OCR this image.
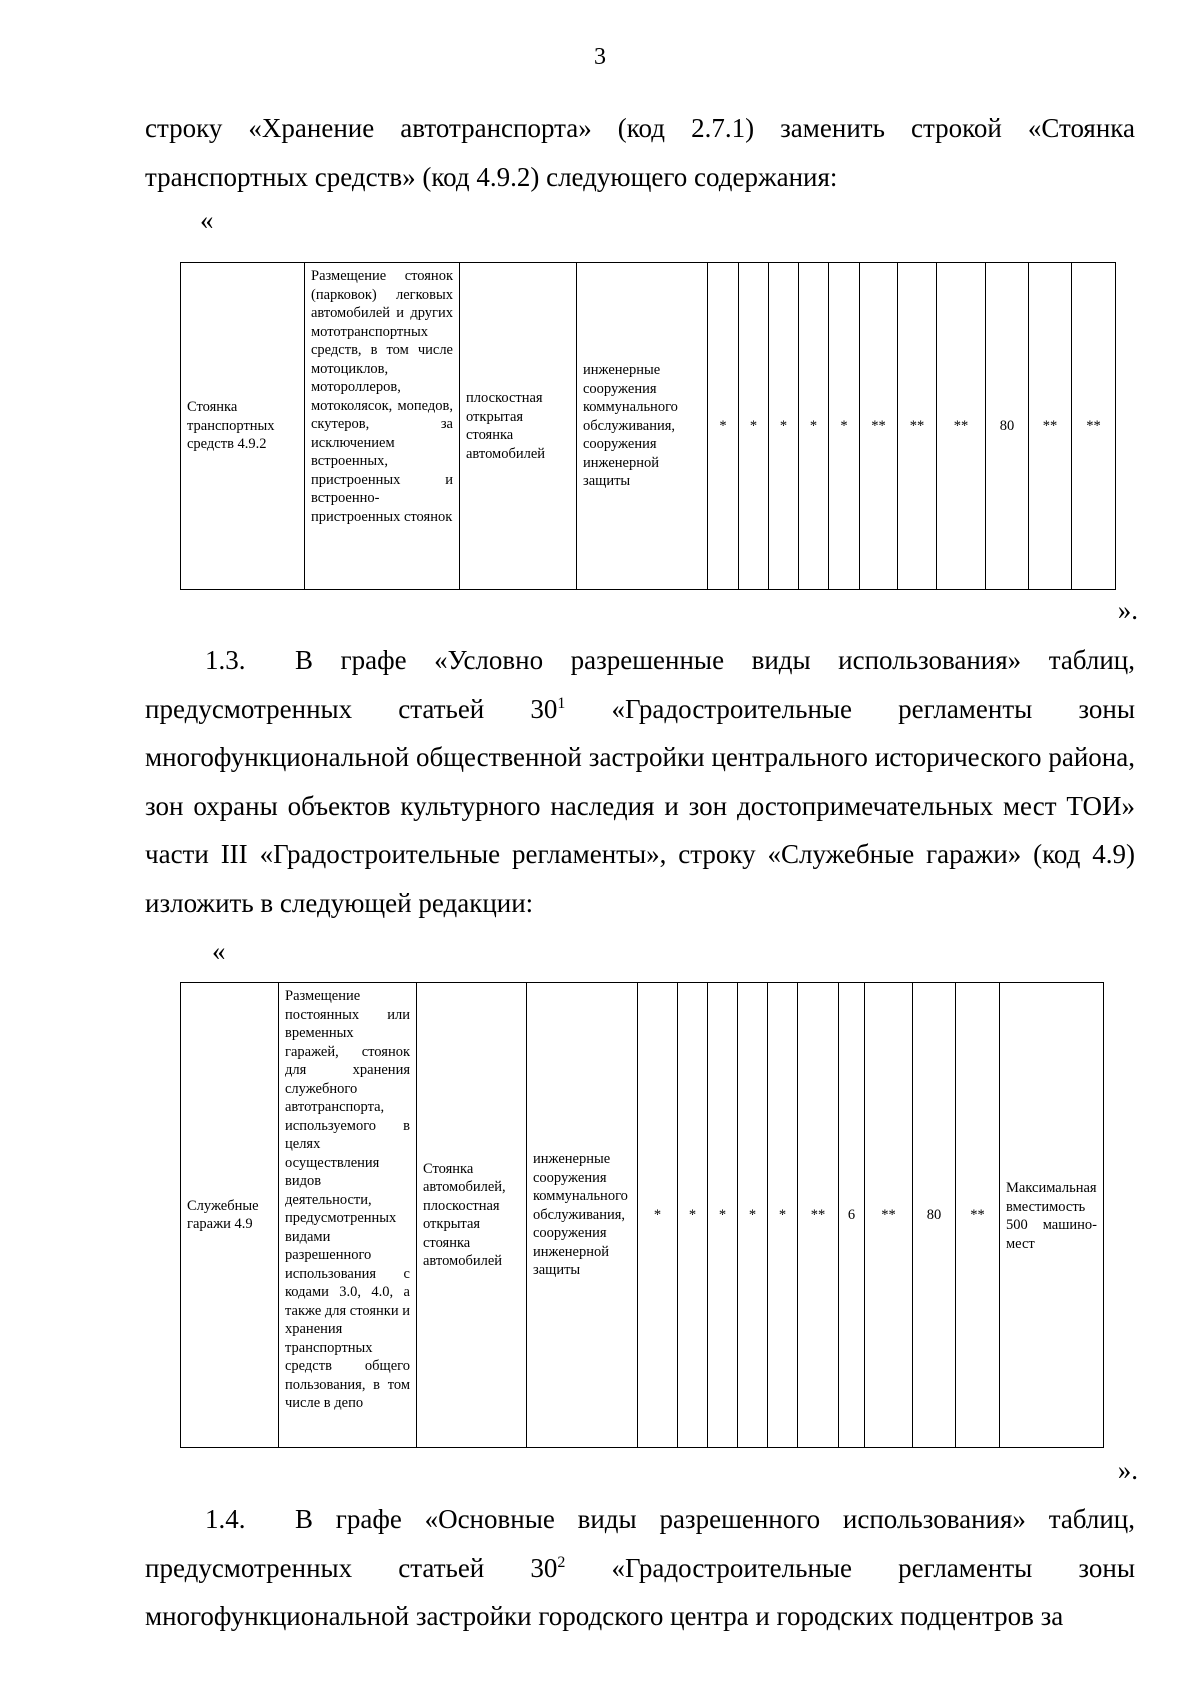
3
строку «Хранение автотранспорта» (код 2.7.1) заменить строкой «Стоянка транспортных средств» (код 4.9.2) следующего содержания:
«
Стоянка транспортных средств 4.9.2	Размещение стоянок (парковок) легковых автомобилей и других мототранспортных средств, в том числе мотоциклов, мотороллеров, мотоколясок, мопедов, скутеров, за исключением встроенных, пристроенных и встроенно-пристроенных стоянок	плоскостная открытая стоянка автомобилей	инженерные сооружения коммунального обслуживания, сооружения инженерной защиты	*	*	*	*	*	**	**	**	80	**	**
».
1.3. В графе «Условно разрешенные виды использования» таблиц, предусмотренных статьей $30^1$ «Градостроительные регламенты зоны многофункциональной общественной застройки центрального исторического района, зон охраны объектов культурного наследия и зон достопримечательных мест ТОИ» части III «Градостроительные регламенты», строку «Служебные гаражи» (код 4.9) изложить в следующей редакции:
«
Служебные гаражи 4.9	Размещение постоянных или временных гаражей, стоянок для хранения служебного автотранспорта, используемого в целях осуществления видов деятельности, предусмотренных видами разрешенного использования с кодами 3.0, 4.0, а также для стоянки и хранения транспортных средств общего пользования, в том числе в депо	Стоянка автомобилей, плоскостная открытая стоянка автомобилей	инженерные сооружения коммунального обслуживания, сооружения инженерной защиты	*	*	*	*	*	**	6	**	80	**	Максимальная вместимость 500 машино-мест
».
1.4. В графе «Основные виды разрешенного использования» таблиц, предусмотренных статьей $30^2$ «Градостроительные регламенты зоны многофункциональной застройки городского центра и городских подцентров за
